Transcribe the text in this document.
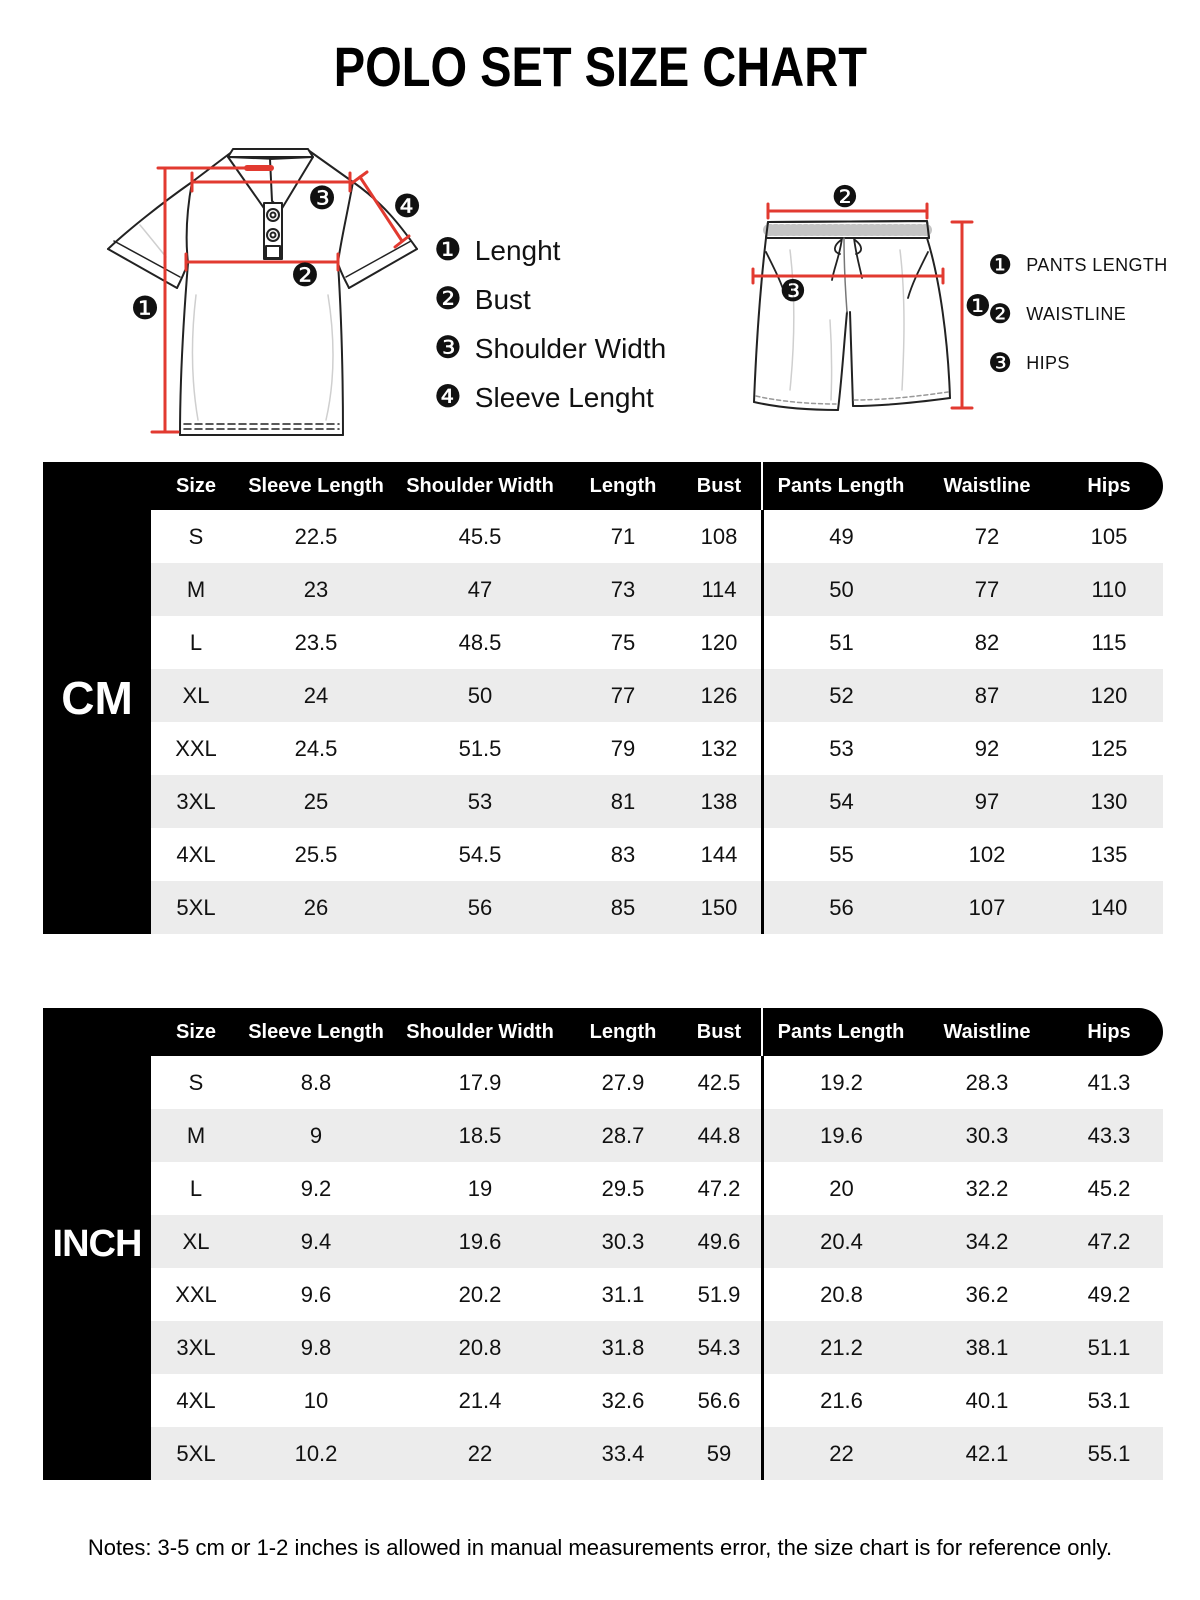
POLO SET SIZE CHART
❶
❷
❸ ❹	❷
❸	❶
❶ Lenght
❷ Bust
❸ Shoulder Width
❹ Sleeve Lenght
❶ PANTS LENGTH
❷ WAISTLINE
❸ HIPS
CM
Size	Sleeve Length	Shoulder Width	Length	Bust	Pants Length	Waistline	Hips
S	22.5	45.5	71	108	49	72	105
M	23	47	73	114	50	77	110
L	23.5	48.5	75	120	51	82	115
XL	24	50	77	126	52	87	120
XXL	24.5	51.5	79	132	53	92	125
3XL	25	53	81	138	54	97	130
4XL	25.5	54.5	83	144	55	102	135
5XL	26	56	85	150	56	107	140
INCH
Size	Sleeve Length	Shoulder Width	Length	Bust	Pants Length	Waistline	Hips
S	8.8	17.9	27.9	42.5	19.2	28.3	41.3
M	9	18.5	28.7	44.8	19.6	30.3	43.3
L	9.2	19	29.5	47.2	20	32.2	45.2
XL	9.4	19.6	30.3	49.6	20.4	34.2	47.2
XXL	9.6	20.2	31.1	51.9	20.8	36.2	49.2
3XL	9.8	20.8	31.8	54.3	21.2	38.1	51.1
4XL	10	21.4	32.6	56.6	21.6	40.1	53.1
5XL	10.2	22	33.4	59	22	42.1	55.1
Notes: 3-5 cm or 1-2 inches is allowed in manual measurements error, the size chart is for reference only.
